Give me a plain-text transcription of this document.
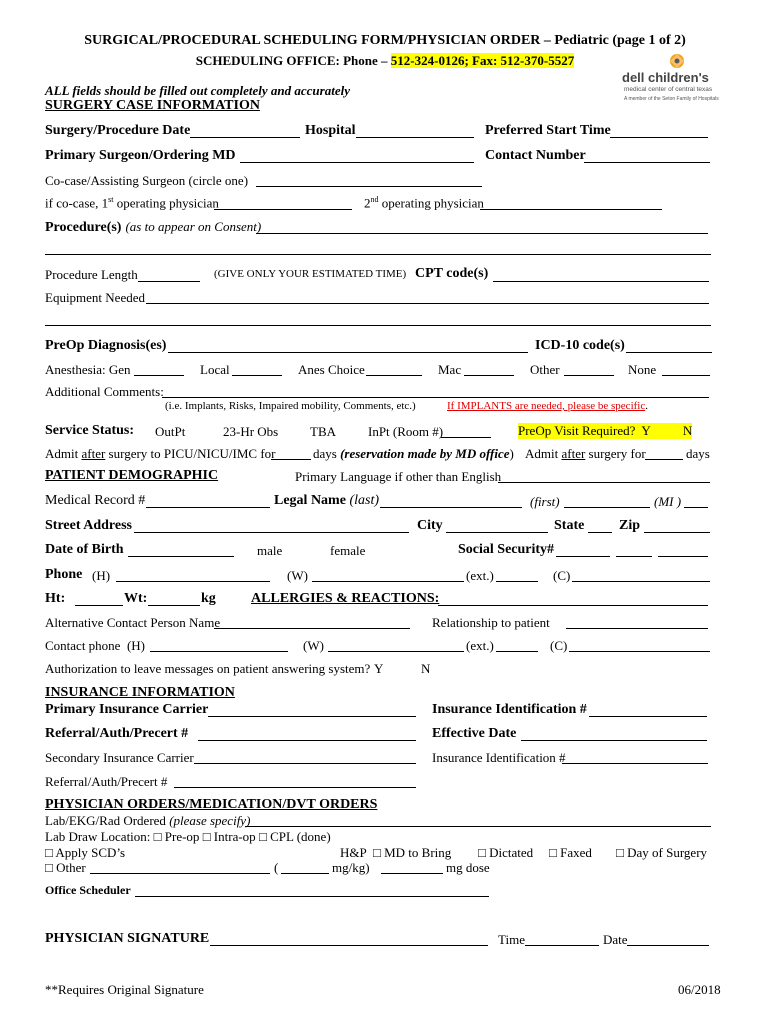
SURGICAL/PROCEDURAL SCHEDULING FORM/PHYSICIAN ORDER – Pediatric (page 1 of 2)
SCHEDULING OFFICE: Phone – 512-324-0126; Fax: 512-370-5527
ALL fields should be filled out completely and accurately
dell children's
medical center of central texas
A member of the Seton Family of Hospitals
SURGERY CASE INFORMATION
Surgery/Procedure Date	Hospital	Preferred Start Time
Primary Surgeon/Ordering MD	Contact Number
Co-case/Assisting Surgeon (circle one)
if co-case, 1st operating physician	2nd operating physician
Procedure(s) (as to appear on Consent)
Procedure Length	(GIVE ONLY YOUR ESTIMATED TIME) CPT code(s)
Equipment Needed
PreOp Diagnosis(es)	ICD-10 code(s)
Anesthesia: Gen	Local	Anes Choice	Mac	Other	None
Additional Comments:
(i.e. Implants, Risks, Impaired mobility, Comments, etc.)	If IMPLANTS are needed, please be specific.
Service Status: OutPt	23-Hr Obs TBA InPt (Room #)	PreOp Visit Required?  Y          N
Admit after surgery to PICU/NICU/IMC for	days (reservation made by MD office) Admit after surgery for	days
PATIENT DEMOGRAPHIC	Primary Language if other than English
Medical Record #	Legal Name (last)	(first)	(MI )
Street Address	City	State Zip
Date of Birth	male	female	Social Security#
Phone (H)	(W)	(ext.)	(C)
Ht:	Wt:	kg	ALLERGIES & REACTIONS:
Alternative Contact Person Name	Relationship to patient
Contact phone (H)	(W)	(ext.)	(C)
Authorization to leave messages on patient answering system? Y	N
INSURANCE INFORMATION
Primary Insurance Carrier	Insurance Identification #
Referral/Auth/Precert #	Effective Date
Secondary Insurance Carrier	Insurance Identification #
Referral/Auth/Precert #
PHYSICIAN ORDERS/MEDICATION/DVT ORDERS
Lab/EKG/Rad Ordered (please specify)
Lab Draw Location: □ Pre-op □ Intra-op □ CPL (done)
□ Apply SCD’s	H&P □ MD to Bring □ Dictated □ Faxed □ Day of Surgery
□ Other	(	mg/kg)	mg dose
Office Scheduler
PHYSICIAN SIGNATURE	Time	Date
**Requires Original Signature	06/2018
